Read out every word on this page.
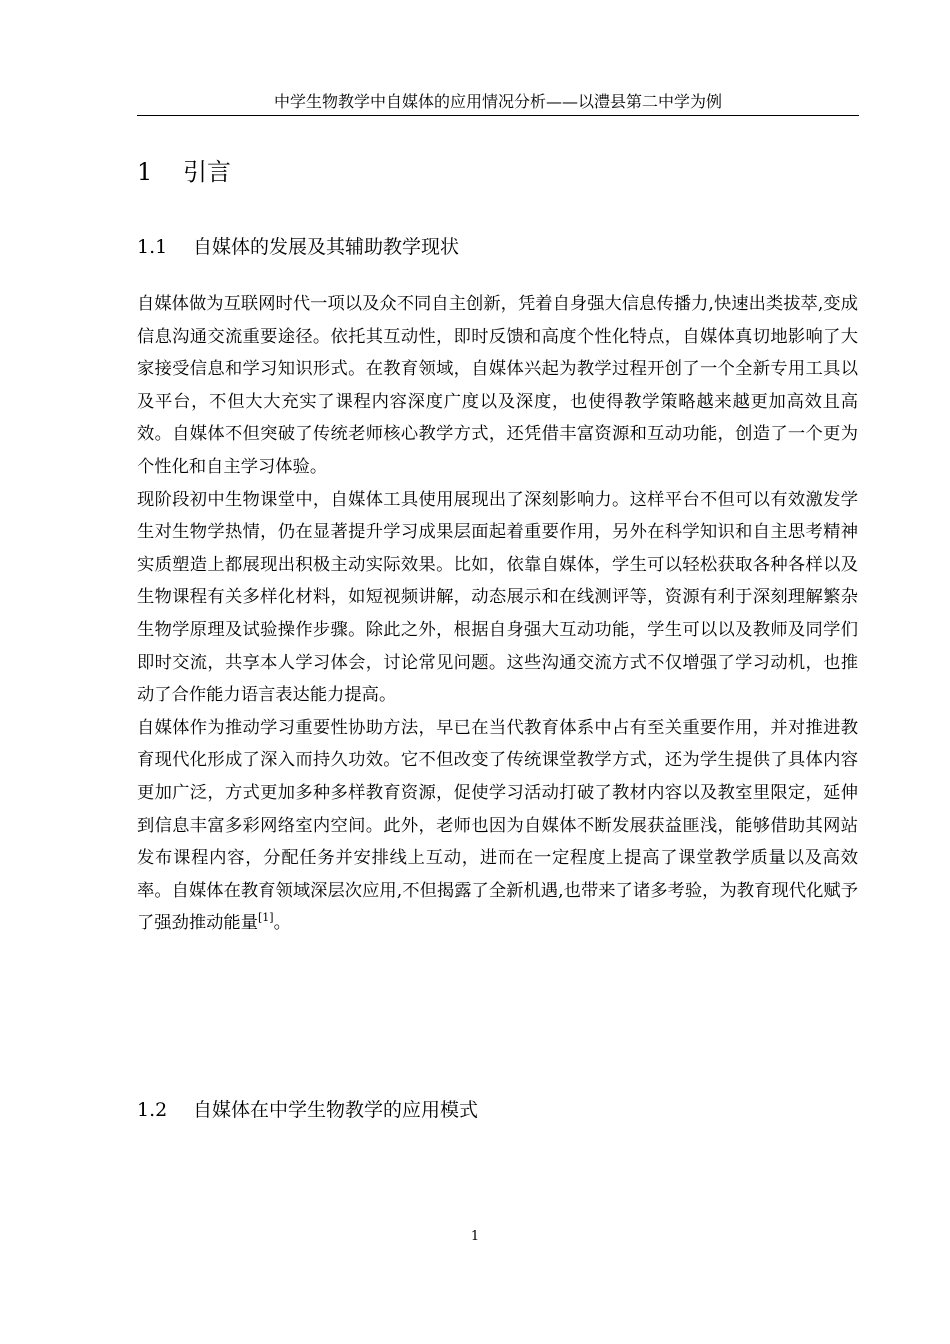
中学生物教学中自媒体的应用情况分析——以澧县第二中学为例
1 引言
1.1 自媒体的发展及其辅助教学现状

自媒体做为互联网时代一项以及众不同自主创新，凭着自身强大信息传播力,快速出类拔萃,变成信息沟通交流重要途径。依托其互动性，即时反馈和高度个性化特点，自媒体真切地影响了大家接受信息和学习知识形式。在教育领域，自媒体兴起为教学过程开创了一个全新专用工具以及平台，不但大大充实了课程内容深度广度以及深度，也使得教学策略越来越更加高效且高效。自媒体不但突破了传统老师核心教学方式，还凭借丰富资源和互动功能，创造了一个更为个性化和自主学习体验。

现阶段初中生物课堂中，自媒体工具使用展现出了深刻影响力。这样平台不但可以有效激发学生对生物学热情，仍在显著提升学习成果层面起着重要作用，另外在科学知识和自主思考精神实质塑造上都展现出积极主动实际效果。比如，依靠自媒体，学生可以轻松获取各种各样以及生物课程有关多样化材料，如短视频讲解，动态展示和在线测评等，资源有利于深刻理解繁杂生物学原理及试验操作步骤。除此之外，根据自身强大互动功能，学生可以以及教师及同学们即时交流，共享本人学习体会，讨论常见问题。这些沟通交流方式不仅增强了学习动机，也推动了合作能力语言表达能力提高。

自媒体作为推动学习重要性协助方法，早已在当代教育体系中占有至关重要作用，并对推进教育现代化形成了深入而持久功效。它不但改变了传统课堂教学方式，还为学生提供了具体内容更加广泛，方式更加多种多样教育资源，促使学习活动打破了教材内容以及教室里限定，延伸到信息丰富多彩网络室内空间。此外，老师也因为自媒体不断发展获益匪浅，能够借助其网站发布课程内容，分配任务并安排线上互动，进而在一定程度上提高了课堂教学质量以及高效率。自媒体在教育领域深层次应用,不但揭露了全新机遇,也带来了诸多考验，为教育现代化赋予了强劲推动能量[1]。

1.2 自媒体在中学生物教学的应用模式
1
